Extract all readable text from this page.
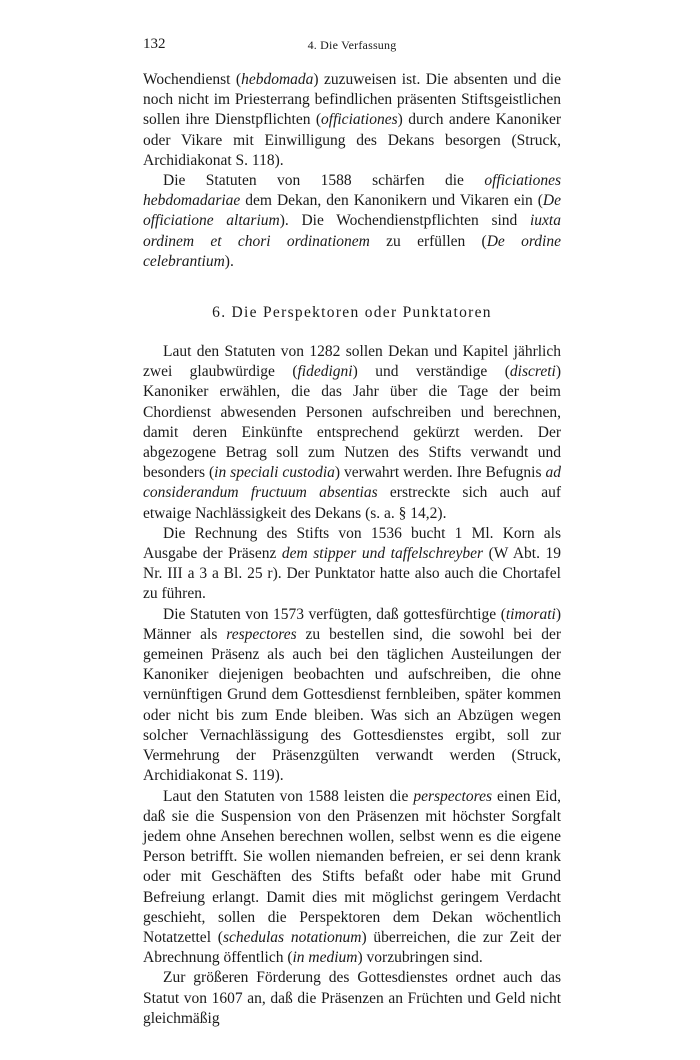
132	4. Die Verfassung

Wochendienst (hebdomada) zuzuweisen ist. Die absenten und die noch nicht im Priesterrang befindlichen präsenten Stiftsgeistlichen sollen ihre Dienstpflichten (officiationes) durch andere Kanoniker oder Vikare mit Einwilligung des Dekans besorgen (Struck, Archidiakonat S. 118).

Die Statuten von 1588 schärfen die officiationes hebdomadariae dem Dekan, den Kanonikern und Vikaren ein (De officiatione altarium). Die Wochendienstpflichten sind iuxta ordinem et chori ordinationem zu erfüllen (De ordine celebrantium).

6. Die Perspektoren oder Punktatoren

Laut den Statuten von 1282 sollen Dekan und Kapitel jährlich zwei glaubwürdige (fidedigni) und verständige (discreti) Kanoniker erwählen, die das Jahr über die Tage der beim Chordienst abwesenden Personen aufschreiben und berechnen, damit deren Einkünfte entsprechend gekürzt werden. Der abgezogene Betrag soll zum Nutzen des Stifts verwandt und besonders (in speciali custodia) verwahrt werden. Ihre Befugnis ad considerandum fructuum absentias erstreckte sich auch auf etwaige Nachlässigkeit des Dekans (s. a. § 14,2).

Die Rechnung des Stifts von 1536 bucht 1 Ml. Korn als Ausgabe der Präsenz dem stipper und taffelschreyber (W Abt. 19 Nr. III a 3 a Bl. 25 r). Der Punktator hatte also auch die Chortafel zu führen.

Die Statuten von 1573 verfügten, daß gottesfürchtige (timorati) Männer als respectores zu bestellen sind, die sowohl bei der gemeinen Präsenz als auch bei den täglichen Austeilungen der Kanoniker diejenigen beobachten und aufschreiben, die ohne vernünftigen Grund dem Gottesdienst fernbleiben, später kommen oder nicht bis zum Ende bleiben. Was sich an Abzügen wegen solcher Vernachlässigung des Gottesdienstes ergibt, soll zur Vermehrung der Präsenzgülten verwandt werden (Struck, Archidiakonat S. 119).

Laut den Statuten von 1588 leisten die perspectores einen Eid, daß sie die Suspension von den Präsenzen mit höchster Sorgfalt jedem ohne Ansehen berechnen wollen, selbst wenn es die eigene Person betrifft. Sie wollen niemanden befreien, er sei denn krank oder mit Geschäften des Stifts befaßt oder habe mit Grund Befreiung erlangt. Damit dies mit möglichst geringem Verdacht geschieht, sollen die Perspektoren dem Dekan wöchentlich Notatzettel (schedulas notationum) überreichen, die zur Zeit der Abrechnung öffentlich (in medium) vorzubringen sind.

Zur größeren Förderung des Gottesdienstes ordnet auch das Statut von 1607 an, daß die Präsenzen an Früchten und Geld nicht gleichmäßig
